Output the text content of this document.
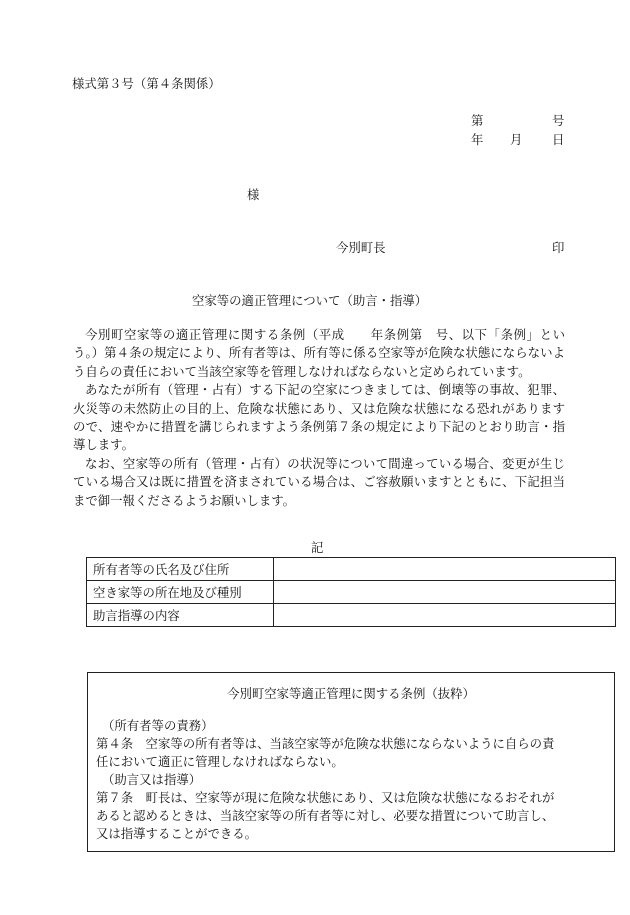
様式第３号（第４条関係）
第	号
年 月 日
様
今別町長	印
空家等の適正管理について（助言・指導）

今別町空家等の適正管理に関する条例（平成　　年条例第　号、以下「条例」という。）第４条の規定により、所有者等は、所有等に係る空家等が危険な状態にならないよう自らの責任において当該空家等を管理しなければならないと定められています。

あなたが所有（管理・占有）する下記の空家につきましては、倒壊等の事故、犯罪、火災等の未然防止の目的上、危険な状態にあり、又は危険な状態になる恐れがありますので、速やかに措置を講じられますよう条例第７条の規定により下記のとおり助言・指導します。

なお、空家等の所有（管理・占有）の状況等について間違っている場合、変更が生じている場合又は既に措置を済まされている場合は、ご容赦願いますとともに、下記担当まで御一報くださるようお願いします。

記
所有者等の氏名及び住所	
空き家等の所在地及び種別	
助言指導の内容	
今別町空家等適正管理に関する条例（抜粋）
（所有者等の責務）
第４条　空家等の所有者等は、当該空家等が危険な状態にならないように自らの責
任において適正に管理しなければならない。
（助言又は指導）
第７条　町長は、空家等が現に危険な状態にあり、又は危険な状態になるおそれが
あると認めるときは、当該空家等の所有者等に対し、必要な措置について助言し、
又は指導することができる。
